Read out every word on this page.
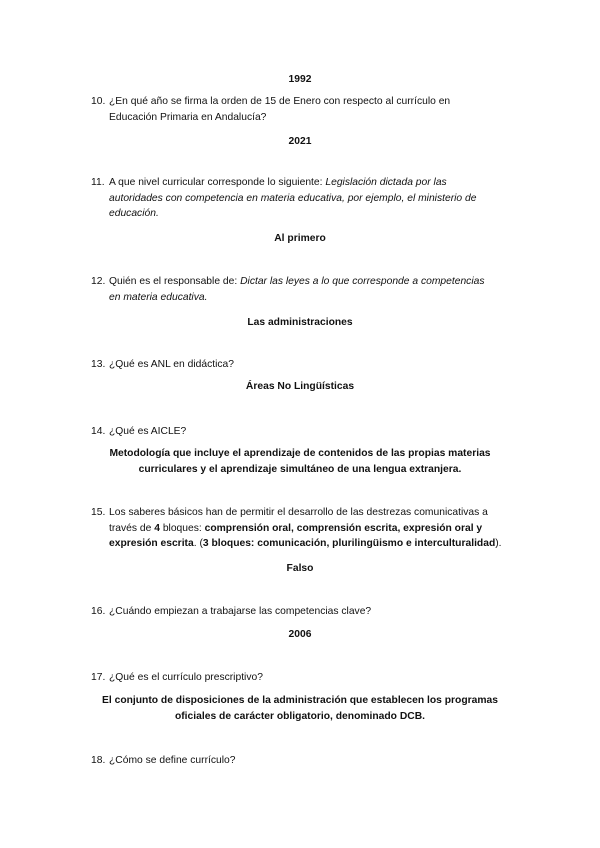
1992
10. ¿En qué año se firma la orden de 15 de Enero con respecto al currículo en
Educación Primaria en Andalucía?
2021
11. A que nivel curricular corresponde lo siguiente: Legislación dictada por las
autoridades con competencia en materia educativa, por ejemplo, el ministerio de
educación.
Al primero
12. Quién es el responsable de: Dictar las leyes a lo que corresponde a competencias
en materia educativa.
Las administraciones
13. ¿Qué es ANL en didáctica?
Áreas No Lingüísticas
14. ¿Qué es AICLE?
Metodología que incluye el aprendizaje de contenidos de las propias materias
curriculares y el aprendizaje simultáneo de una lengua extranjera.
15. Los saberes básicos han de permitir el desarrollo de las destrezas comunicativas a
través de 4 bloques: comprensión oral, comprensión escrita, expresión oral y
expresión escrita. (3 bloques: comunicación, plurilingüismo e interculturalidad).
Falso
16. ¿Cuándo empiezan a trabajarse las competencias clave?
2006
17. ¿Qué es el currículo prescriptivo?
El conjunto de disposiciones de la administración que establecen los programas
oficiales de carácter obligatorio, denominado DCB.
18. ¿Cómo se define currículo?
